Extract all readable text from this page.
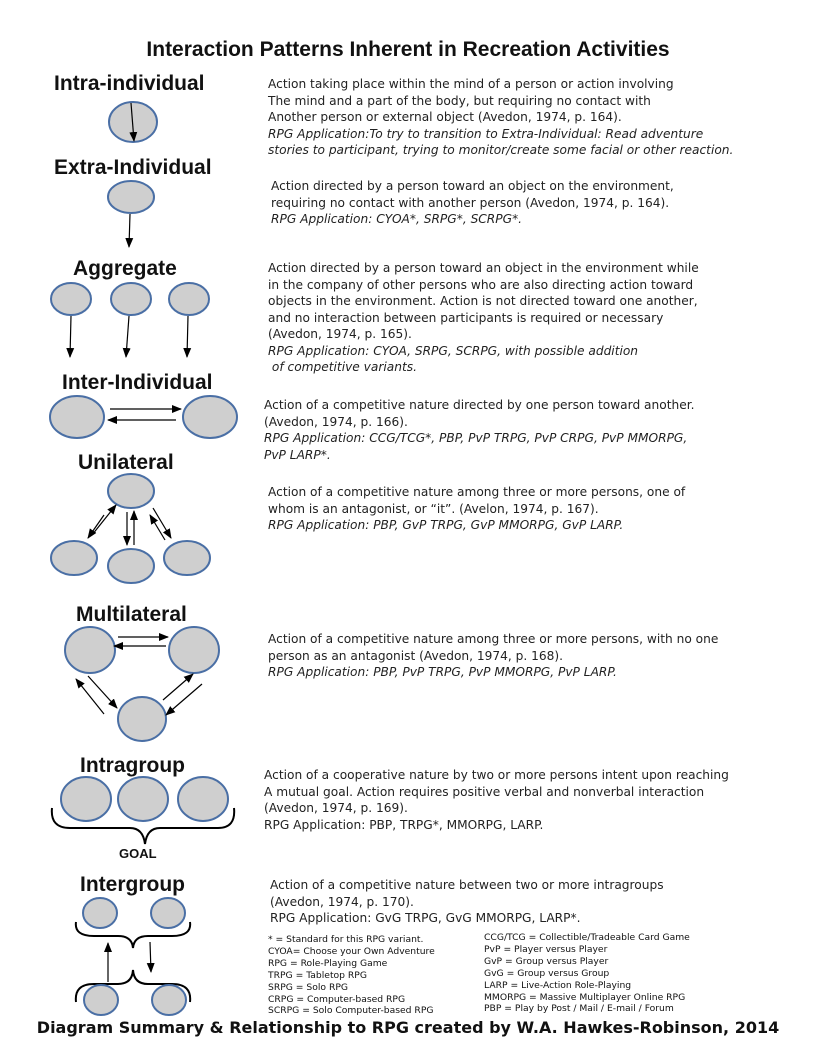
Interaction Patterns Inherent in Recreation Activities
Intra-individual
Extra-Individual
Aggregate
Inter-Individual
Unilateral
Multilateral
Intragroup
Intergroup
GOAL
Action taking place within the mind of a person or action involving
The mind and a part of the body, but requiring no contact with
Another person or external object (Avedon, 1974, p. 164).
RPG Application:To try to transition to Extra-Individual: Read adventure
stories to participant, trying to monitor/create some facial or other reaction.
Action directed by a person toward an object on the environment,
requiring no contact with another person (Avedon, 1974, p. 164).
RPG Application: CYOA*, SRPG*, SCRPG*.
Action directed by a person toward an object in the environment while
in the company of other persons who are also directing action toward
objects in the environment. Action is not directed toward one another,
and no interaction between participants is required or necessary
(Avedon, 1974, p. 165).
RPG Application: CYOA, SRPG, SCRPG, with possible addition
of competitive variants.
Action of a competitive nature directed by one person toward another.
(Avedon, 1974, p. 166).
RPG Application: CCG/TCG*, PBP, PvP TRPG, PvP CRPG, PvP MMORPG,
PvP LARP*.
Action of a competitive nature among three or more persons, one of
whom is an antagonist, or “it”. (Avelon, 1974, p. 167).
RPG Application: PBP, GvP TRPG, GvP MMORPG, GvP LARP.
Action of a competitive nature among three or more persons, with no one
person as an antagonist (Avedon, 1974, p. 168).
RPG Application: PBP, PvP TRPG, PvP MMORPG, PvP LARP.
Action of a cooperative nature by two or more persons intent upon reaching
A mutual goal. Action requires positive verbal and nonverbal interaction
(Avedon, 1974, p. 169).
RPG Application: PBP, TRPG*, MMORPG, LARP.
Action of a competitive nature between two or more intragroups
(Avedon, 1974, p. 170).
RPG Application: GvG TRPG, GvG MMORPG, LARP*.
* = Standard for this RPG variant.
CYOA= Choose your Own Adventure
RPG = Role-Playing Game
TRPG = Tabletop RPG
SRPG = Solo RPG
CRPG = Computer-based RPG
SCRPG = Solo Computer-based RPG
CCG/TCG = Collectible/Tradeable Card Game
PvP = Player versus Player
GvP = Group versus Player
GvG = Group versus Group
LARP = Live-Action Role-Playing
MMORPG = Massive Multiplayer Online RPG
PBP = Play by Post / Mail / E-mail / Forum
Diagram Summary & Relationship to RPG created by W.A. Hawkes-Robinson, 2014
